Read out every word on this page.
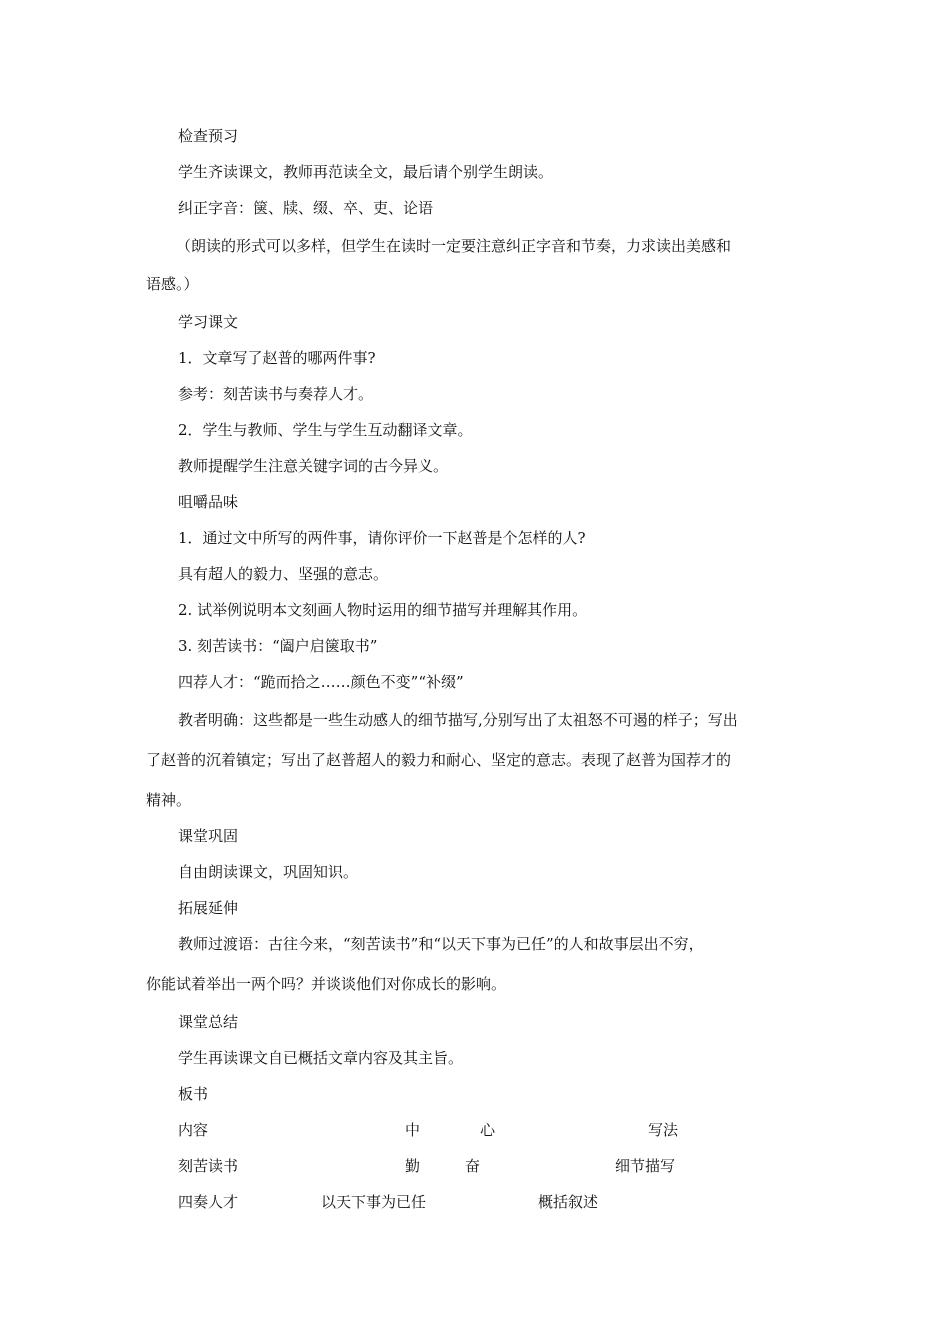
检查预习
学生齐读课文，教师再范读全文，最后请个别学生朗读。
纠正字音：箧、牍、缀、卒、吏、论语
（朗读的形式可以多样，但学生在读时一定要注意纠正字音和节奏，力求读出美感和
语感。）
学习课文
1．文章写了赵普的哪两件事?
参考：刻苦读书与奏荐人才。
2．学生与教师、学生与学生互动翻译文章。
教师提醒学生注意关键字词的古今异义。
咀嚼品味
1．通过文中所写的两件事，请你评价一下赵普是个怎样的人?
具有超人的毅力、坚强的意志。
2. 试举例说明本文刻画人物时运用的细节描写并理解其作用。
3. 刻苦读书：“阖户启箧取书”
四荐人才：“跪而拾之……颜色不变”“补缀”
教者明确：这些都是一些生动感人的细节描写,分别写出了太祖怒不可遏的样子；写出
了赵普的沉着镇定；写出了赵普超人的毅力和耐心、坚定的意志。表现了赵普为国荐才的
精神。
课堂巩固
自由朗读课文，巩固知识。
拓展延伸
教师过渡语：古往今来，“刻苦读书”和“以天下事为已任”的人和故事层出不穷，
你能试着举出一两个吗？并谈谈他们对你成长的影响。
课堂总结
学生再读课文自已概括文章内容及其主旨。
板书
内容	中	心	写法
刻苦读书	勤	奋	细节描写
四奏人才	以天下事为已任	概括叙述
